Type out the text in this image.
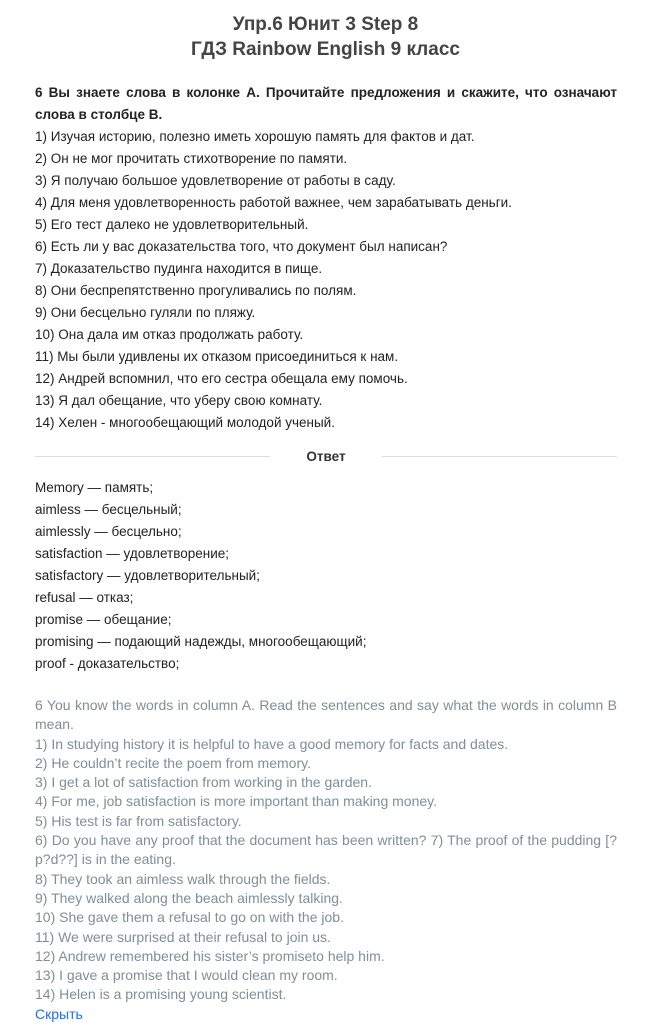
Упр.6 Юнит 3 Step 8
ГДЗ Rainbow English 9 класс
6 Вы знаете слова в колонке А. Прочитайте предложения и скажите, что означают слова в столбце В.
1) Изучая историю, полезно иметь хорошую память для фактов и дат.
2) Он не мог прочитать стихотворение по памяти.
3) Я получаю большое удовлетворение от работы в саду.
4) Для меня удовлетворенность работой важнее, чем зарабатывать деньги.
5) Его тест далеко не удовлетворительный.
6) Есть ли у вас доказательства того, что документ был написан?
7) Доказательство пудинга находится в пище.
8) Они беспрепятственно прогуливались по полям.
9) Они бесцельно гуляли по пляжу.
10) Она дала им отказ продолжать работу.
11) Мы были удивлены их отказом присоединиться к нам.
12) Андрей вспомнил, что его сестра обещала ему помочь.
13) Я дал обещание, что уберу свою комнату.
14) Хелен - многообещающий молодой ученый.
Ответ
Memory — память;
aimless — бесцельный;
aimlessly — бесцельно;
satisfaction — удовлетворение;
satisfactory — удовлетворительный;
refusal — отказ;
promise — обещание;
promising — подающий надежды, многообещающий;
proof - доказательство;
6 You know the words in column A. Read the sentences and say what the words in column B mean.
1) In studying history it is helpful to have a good memory for facts and dates.
2) He couldn’t recite the poem from memory.
3) I get a lot of satisfaction from working in the garden.
4) For me, job satisfaction is more important than making money.
5) His test is far from satisfactory.
6) Do you have any proof that the document has been written? 7) The proof of the pudding [?p?d??] is in the eating.
8) They took an aimless walk through the fields.
9) They walked along the beach aimlessly talking.
10) She gave them a refusal to go on with the job.
11) We were surprised at their refusal to join us.
12) Andrew remembered his sister’s promiseto help him.
13) I gave a promise that I would clean my room.
14) Helen is a promising young scientist.
Скрыть
